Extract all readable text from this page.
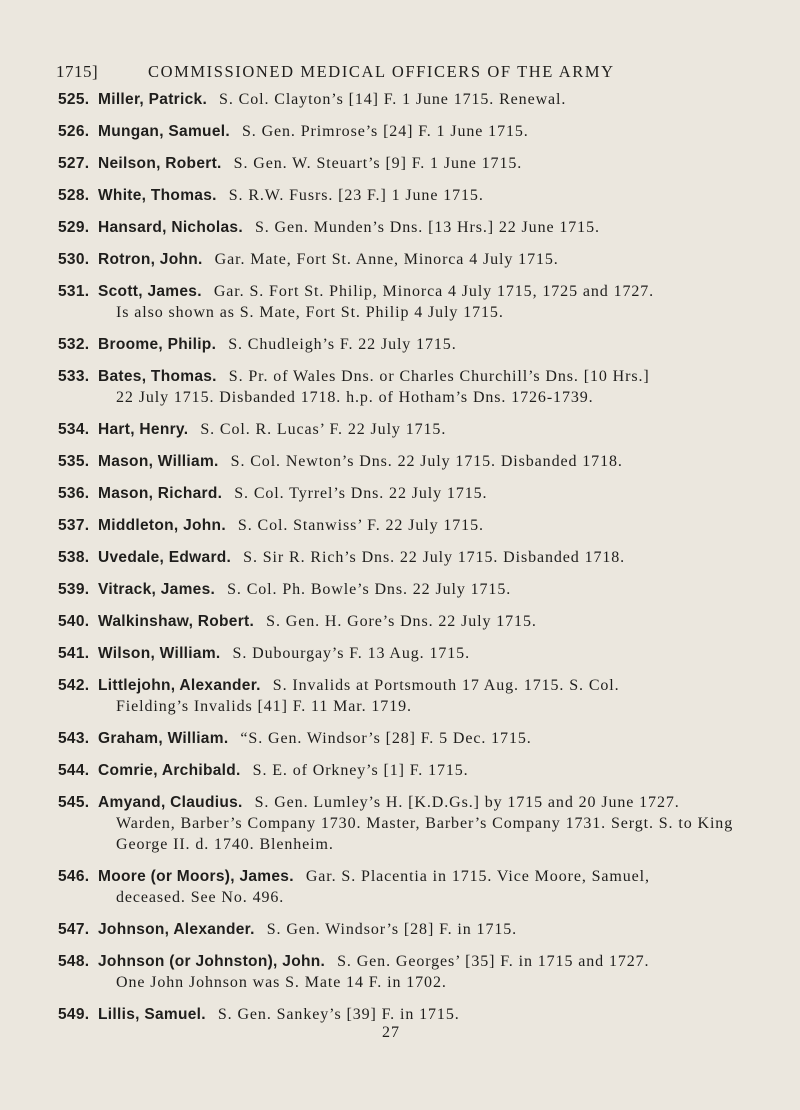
1715]	COMMISSIONED MEDICAL OFFICERS OF THE ARMY
525. Miller, Patrick. S. Col. Clayton’s [14] F. 1 June 1715. Renewal.
526. Mungan, Samuel. S. Gen. Primrose’s [24] F. 1 June 1715.
527. Neilson, Robert. S. Gen. W. Steuart’s [9] F. 1 June 1715.
528. White, Thomas. S. R.W. Fusrs. [23 F.] 1 June 1715.
529. Hansard, Nicholas. S. Gen. Munden’s Dns. [13 Hrs.] 22 June 1715.
530. Rotron, John. Gar. Mate, Fort St. Anne, Minorca 4 July 1715.
531. Scott, James. Gar. S. Fort St. Philip, Minorca 4 July 1715, 1725 and 1727.
Is also shown as S. Mate, Fort St. Philip 4 July 1715.
532. Broome, Philip. S. Chudleigh’s F. 22 July 1715.
533. Bates, Thomas. S. Pr. of Wales Dns. or Charles Churchill’s Dns. [10 Hrs.]
22 July 1715. Disbanded 1718. h.p. of Hotham’s Dns. 1726-1739.
534. Hart, Henry. S. Col. R. Lucas’ F. 22 July 1715.
535. Mason, William. S. Col. Newton’s Dns. 22 July 1715. Disbanded 1718.
536. Mason, Richard. S. Col. Tyrrel’s Dns. 22 July 1715.
537. Middleton, John. S. Col. Stanwiss’ F. 22 July 1715.
538. Uvedale, Edward. S. Sir R. Rich’s Dns. 22 July 1715. Disbanded 1718.
539. Vitrack, James. S. Col. Ph. Bowle’s Dns. 22 July 1715.
540. Walkinshaw, Robert. S. Gen. H. Gore’s Dns. 22 July 1715.
541. Wilson, William. S. Dubourgay’s F. 13 Aug. 1715.
542. Littlejohn, Alexander. S. Invalids at Portsmouth 17 Aug. 1715. S. Col.
Fielding’s Invalids [41] F. 11 Mar. 1719.
543. Graham, William. “S. Gen. Windsor’s [28] F. 5 Dec. 1715.
544. Comrie, Archibald. S. E. of Orkney’s [1] F. 1715.
545. Amyand, Claudius. S. Gen. Lumley’s H. [K.D.Gs.] by 1715 and 20 June 1727.
Warden, Barber’s Company 1730. Master, Barber’s Company 1731. Sergt. S. to King George II. d. 1740. Blenheim.
546. Moore (or Moors), James. Gar. S. Placentia in 1715. Vice Moore, Samuel,
deceased. See No. 496.
547. Johnson, Alexander. S. Gen. Windsor’s [28] F. in 1715.
548. Johnson (or Johnston), John. S. Gen. Georges’ [35] F. in 1715 and 1727.
One John Johnson was S. Mate 14 F. in 1702.
549. Lillis, Samuel. S. Gen. Sankey’s [39] F. in 1715.
27
